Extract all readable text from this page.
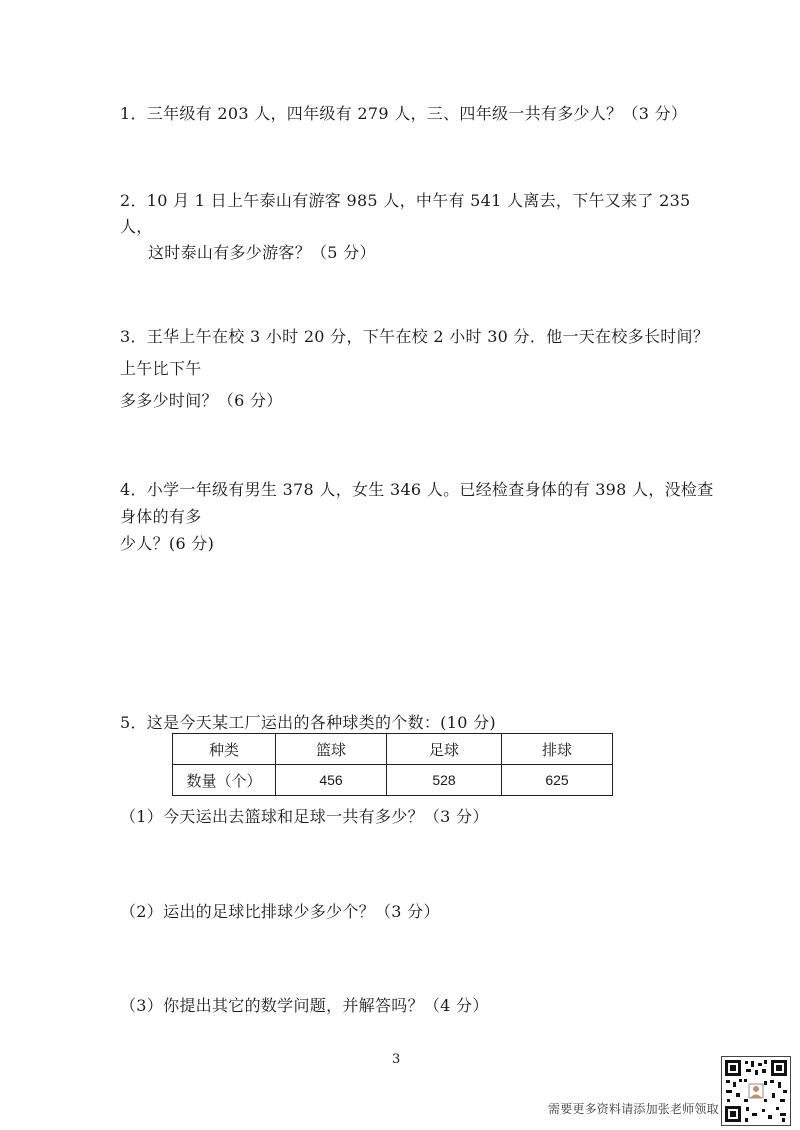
1．三年级有 203 人，四年级有 279 人，三、四年级一共有多少人？（3 分）
2．10 月 1 日上午泰山有游客 985 人，中午有 541 人离去，下午又来了 235 人，
这时泰山有多少游客？（5 分）
3．王华上午在校 3 小时 20 分，下午在校 2 小时 30 分．他一天在校多长时间？上午比下午
多多少时间？（6 分）
4．小学一年级有男生 378 人，女生 346 人。已经检查身体的有 398 人，没检查身体的有多
少人？(6 分)
5．这是今天某工厂运出的各种球类的个数：(10 分)
种类	篮球	足球	排球
数量（个）	456	528	625
（1）今天运出去篮球和足球一共有多少？（3 分）
（2）运出的足球比排球少多少个？（3 分）
（3）你提出其它的数学问题，并解答吗？（4 分）
3
需要更多资料请添加张老师领取
